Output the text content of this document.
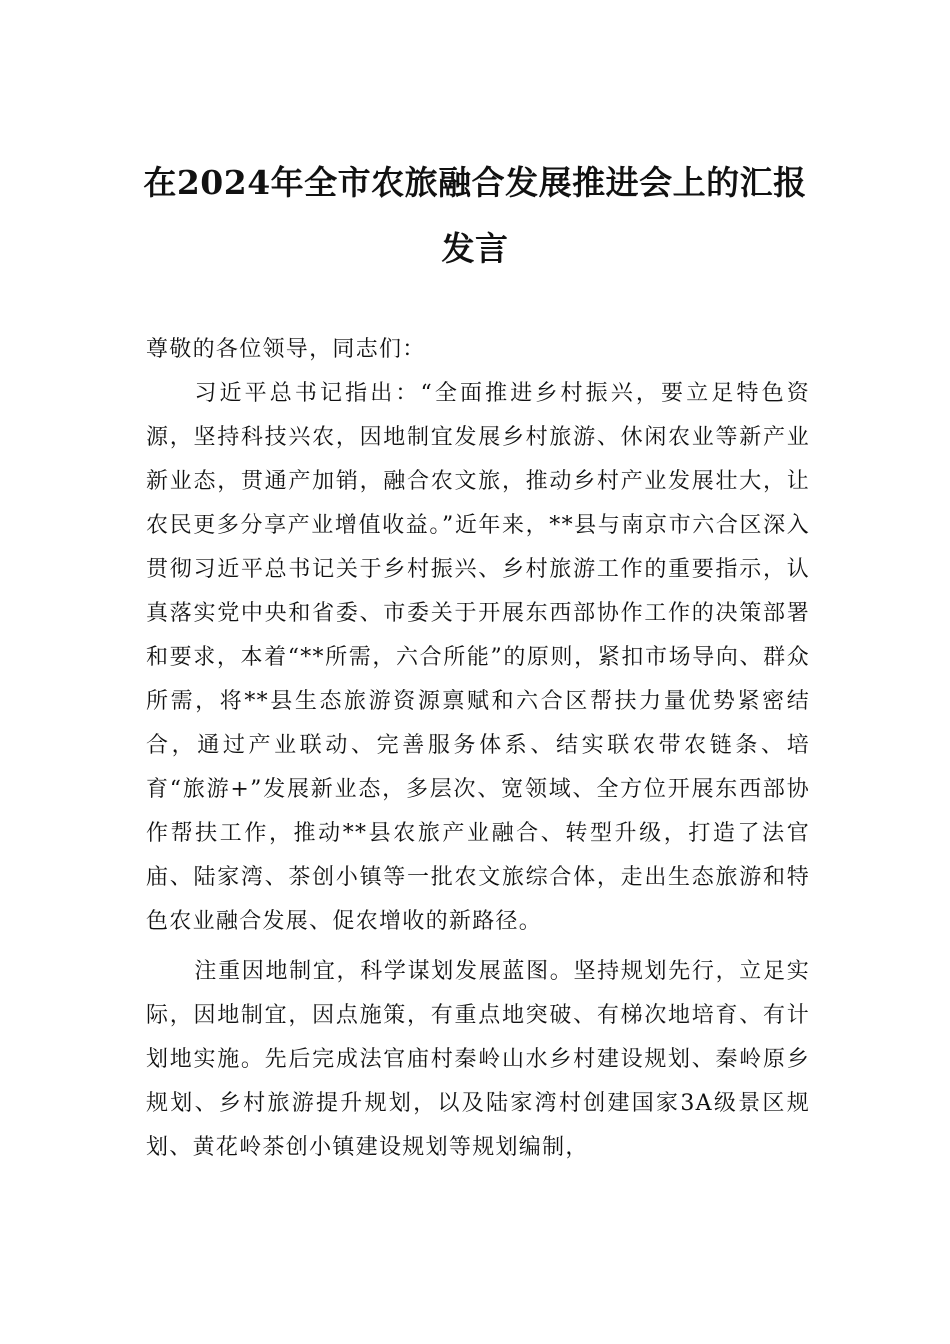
在2024年全市农旅融合发展推进会上的汇报发言

尊敬的各位领导，同志们：

习近平总书记指出：“全面推进乡村振兴，要立足特色资源，坚持科技兴农，因地制宜发展乡村旅游、休闲农业等新产业新业态，贯通产加销，融合农文旅，推动乡村产业发展壮大，让农民更多分享产业增值收益。”近年来，**县与南京市六合区深入贯彻习近平总书记关于乡村振兴、乡村旅游工作的重要指示，认真落实党中央和省委、市委关于开展东西部协作工作的决策部署和要求，本着“**所需，六合所能”的原则，紧扣市场导向、群众所需，将**县生态旅游资源禀赋和六合区帮扶力量优势紧密结合，通过产业联动、完善服务体系、结实联农带农链条、培育“旅游+”发展新业态，多层次、宽领域、全方位开展东西部协作帮扶工作，推动**县农旅产业融合、转型升级，打造了法官庙、陆家湾、茶创小镇等一批农文旅综合体，走出生态旅游和特色农业融合发展、促农增收的新路径。

注重因地制宜，科学谋划发展蓝图。坚持规划先行，立足实际，因地制宜，因点施策，有重点地突破、有梯次地培育、有计划地实施。先后完成法官庙村秦岭山水乡村建设规划、秦岭原乡规划、乡村旅游提升规划，以及陆家湾村创建国家3A级景区规划、黄花岭茶创小镇建设规划等规划编制，
